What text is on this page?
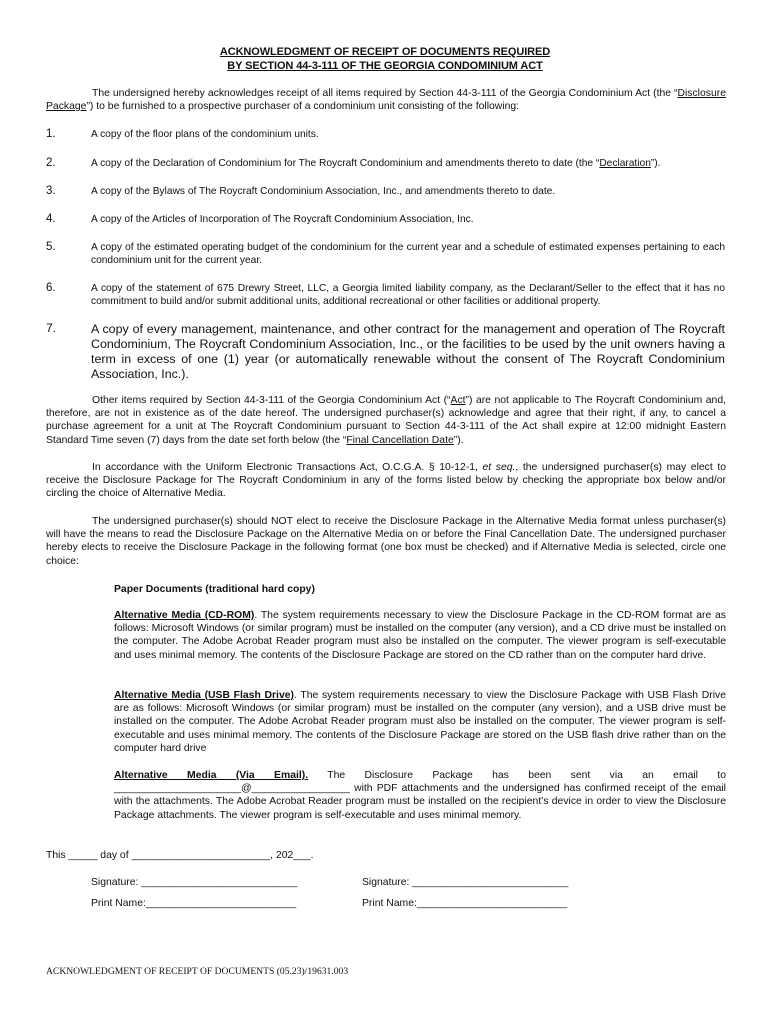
ACKNOWLEDGMENT OF RECEIPT OF DOCUMENTS REQUIRED
BY SECTION 44-3-111 OF THE GEORGIA CONDOMINIUM ACT

The undersigned hereby acknowledges receipt of all items required by Section 44-3-111 of the Georgia Condominium Act (the “Disclosure Package”) to be furnished to a prospective purchaser of a condominium unit consisting of the following:

1.	A copy of the floor plans of the condominium units.
2.	A copy of the Declaration of Condominium for The Roycraft Condominium and amendments thereto to date (the “Declaration”).
3.	A copy of the Bylaws of The Roycraft Condominium Association, Inc., and amendments thereto to date.
4.	A copy of the Articles of Incorporation of The Roycraft Condominium Association, Inc.
5.	A copy of the estimated operating budget of the condominium for the current year and a schedule of estimated expenses pertaining to each condominium unit for the current year.
6.	A copy of the statement of 675 Drewry Street, LLC, a Georgia limited liability company, as the Declarant/Seller to the effect that it has no commitment to build and/or submit additional units, additional recreational or other facilities or additional property.
7.	A copy of every management, maintenance, and other contract for the management and operation of The Roycraft Condominium, The Roycraft Condominium Association, Inc., or the facilities to be used by the unit owners having a term in excess of one (1) year (or automatically renewable without the consent of The Roycraft Condominium Association, Inc.).

Other items required by Section 44-3-111 of the Georgia Condominium Act (“Act”) are not applicable to The Roycraft Condominium and, therefore, are not in existence as of the date hereof. The undersigned purchaser(s) acknowledge and agree that their right, if any, to cancel a purchase agreement for a unit at The Roycraft Condominium pursuant to Section 44-3-111 of the Act shall expire at 12:00 midnight Eastern Standard Time seven (7) days from the date set forth below (the “Final Cancellation Date”).

In accordance with the Uniform Electronic Transactions Act, O.C.G.A. § 10-12-1, et seq., the undersigned purchaser(s) may elect to receive the Disclosure Package for The Roycraft Condominium in any of the forms listed below by checking the appropriate box below and/or circling the choice of Alternative Media.

The undersigned purchaser(s) should NOT elect to receive the Disclosure Package in the Alternative Media format unless purchaser(s) will have the means to read the Disclosure Package on the Alternative Media on or before the Final Cancellation Date. The undersigned purchaser hereby elects to receive the Disclosure Package in the following format (one box must be checked) and if Alternative Media is selected, circle one choice:

Paper Documents (traditional hard copy)
Alternative Media (CD-ROM). The system requirements necessary to view the Disclosure Package in the CD-ROM format are as follows: Microsoft Windows (or similar program) must be installed on the computer (any version), and a CD drive must be installed on the computer. The Adobe Acrobat Reader program must also be installed on the computer. The viewer program is self-executable and uses minimal memory. The contents of the Disclosure Package are stored on the CD rather than on the computer hard drive.
Alternative Media (USB Flash Drive). The system requirements necessary to view the Disclosure Package with USB Flash Drive are as follows: Microsoft Windows (or similar program) must be installed on the computer (any version), and a USB drive must be installed on the computer. The Adobe Acrobat Reader program must also be installed on the computer. The viewer program is self-executable and uses minimal memory. The contents of the Disclosure Package are stored on the USB flash drive rather than on the computer hard drive
Alternative Media (Via Email). The Disclosure Package has been sent via an email to ______________________@_________________ with PDF attachments and the undersigned has confirmed receipt of the email with the attachments. The Adobe Acrobat Reader program must be installed on the recipient’s device in order to view the Disclosure Package attachments. The viewer program is self-executable and uses minimal memory.
This _____ day of ________________________, 202___.
Signature: ___________________________	Signature: ___________________________
Print Name:__________________________	Print Name:__________________________
ACKNOWLEDGMENT OF RECEIPT OF DOCUMENTS (05.23)/19631.003
